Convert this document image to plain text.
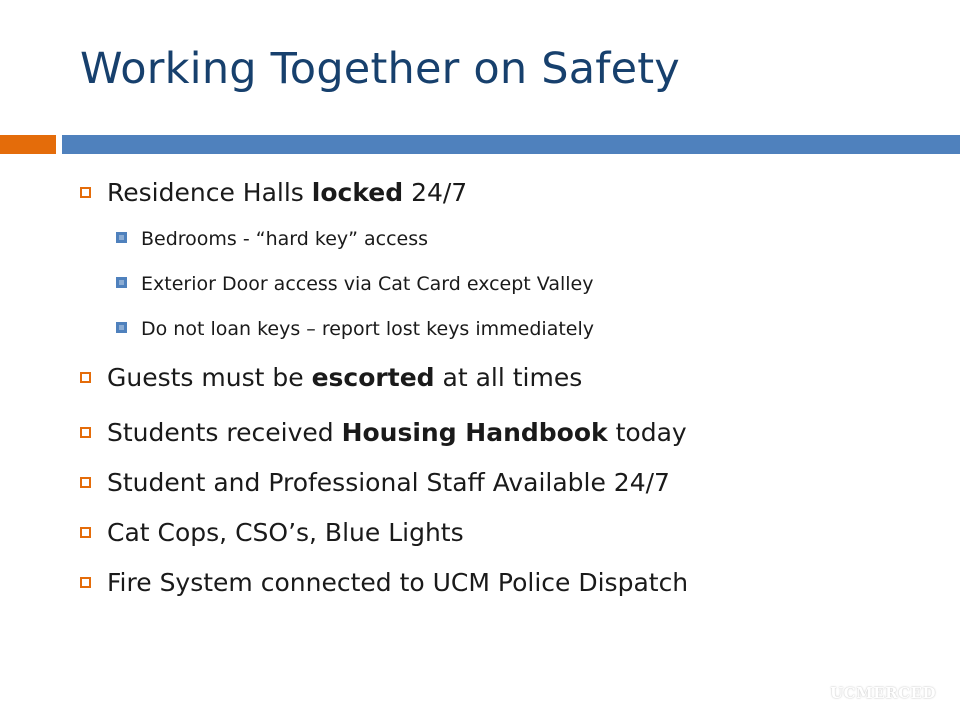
Working Together on Safety
Residence Halls locked 24/7
Bedrooms - “hard key” access
Exterior Door access via Cat Card except Valley
Do not loan keys – report lost keys immediately
Guests must be escorted at all times
Students received Housing Handbook today
Student and Professional Staff Available 24/7
Cat Cops, CSO’s, Blue Lights
Fire System connected to UCM Police Dispatch
UCMERCED
